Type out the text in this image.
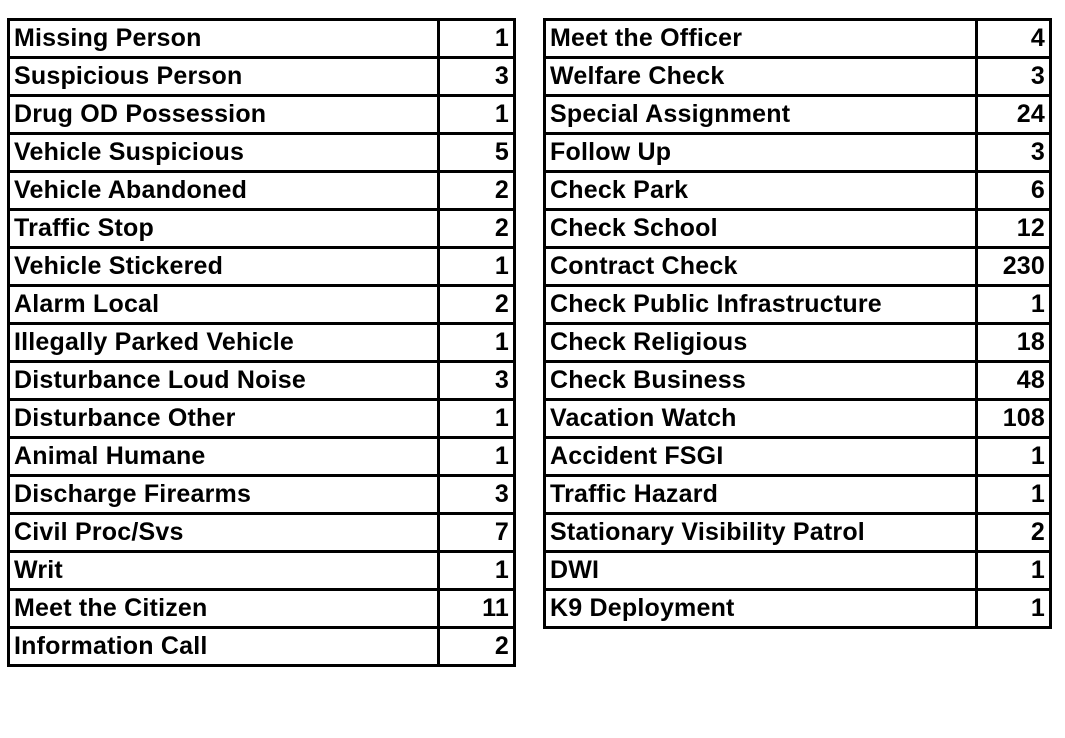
Missing Person	1
Suspicious Person	3
Drug OD Possession	1
Vehicle Suspicious	5
Vehicle Abandoned	2
Traffic Stop	2
Vehicle Stickered	1
Alarm Local	2
Illegally Parked Vehicle	1
Disturbance Loud Noise	3
Disturbance Other	1
Animal Humane	1
Discharge Firearms	3
Civil Proc/Svs	7
Writ	1
Meet the Citizen	11
Information Call	2
Meet the Officer	4
Welfare Check	3
Special Assignment	24
Follow Up	3
Check Park	6
Check School	12
Contract Check	230
Check Public Infrastructure	1
Check Religious	18
Check Business	48
Vacation Watch	108
Accident FSGI	1
Traffic Hazard	1
Stationary Visibility Patrol	2
DWI	1
K9 Deployment	1
